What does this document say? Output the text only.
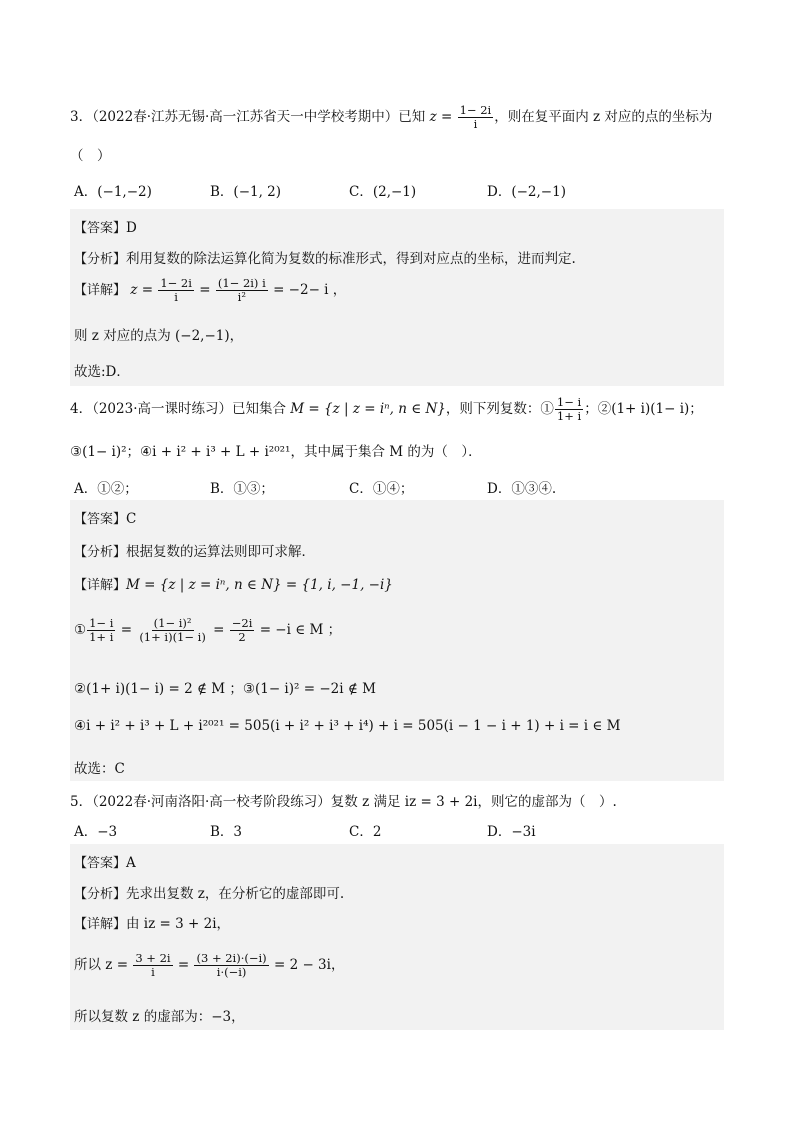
3．（2022春·江苏无锡·高一江苏省天一中学校考期中）已知 $z = \frac{1- 2i}{i}$ ，则在复平面内 z 对应的点的坐标为
（　）
A．(−1,−2)	B．(−1, 2)	C．(2,−1)	D．(−2,−1)
【答案】D
【分析】利用复数的除法运算化简为复数的标准形式，得到对应点的坐标，进而判定.
【详解】 $z = \frac{1- 2i}{i} = \frac{(1- 2i) i}{\text{i²}} = -2- i$ ，
则 z 对应的点为 (−2,−1)，
故选:D．
4．（2023·高一课时练习）已知集合 M = {z | z = iⁿ, n ∈ N}，则下列复数：① $\frac{1- i}{1+ i}$ ；②(1+ i)(1− i)；
③(1− i)²；④i + i² + i³ + L + i²⁰²¹，其中属于集合 M 的为（　）．
A．①②；	B．①③；	C．①④；	D．①③④.
【答案】C
【分析】根据复数的运算法则即可求解．
【详解】M = {z | z = iⁿ, n ∈ N} = {1, i, −1, −i}
① $\frac{1- i}{1+ i} = \frac{\text{(1− i)²}}{(1+ i)(1- i)} = \frac{-2i}{2} = -i$ ∈ M ；
②(1+ i)(1− i) = 2 ∉ M ；③(1− i)² = −2i ∉ M
④i + i² + i³ + L + i²⁰²¹ = 505(i + i² + i³ + i⁴) + i = 505(i − 1 − i + 1) + i = i ∈ M
故选：C
5．（2022春·河南洛阳·高一校考阶段练习）复数 z 满足 iz = 3 + 2i，则它的虚部为（　）.
A．−3	B．3	C．2	D．−3i
【答案】A
【分析】先求出复数 z，在分析它的虚部即可.
【详解】由 iz = 3 + 2i，
所以 $z = \frac{3 + 2i}{i} = \frac{(3 + 2i)\cdot(-i)}{i\cdot(-i)} = 2 - 3i$，
所以复数 z 的虚部为：−3，
